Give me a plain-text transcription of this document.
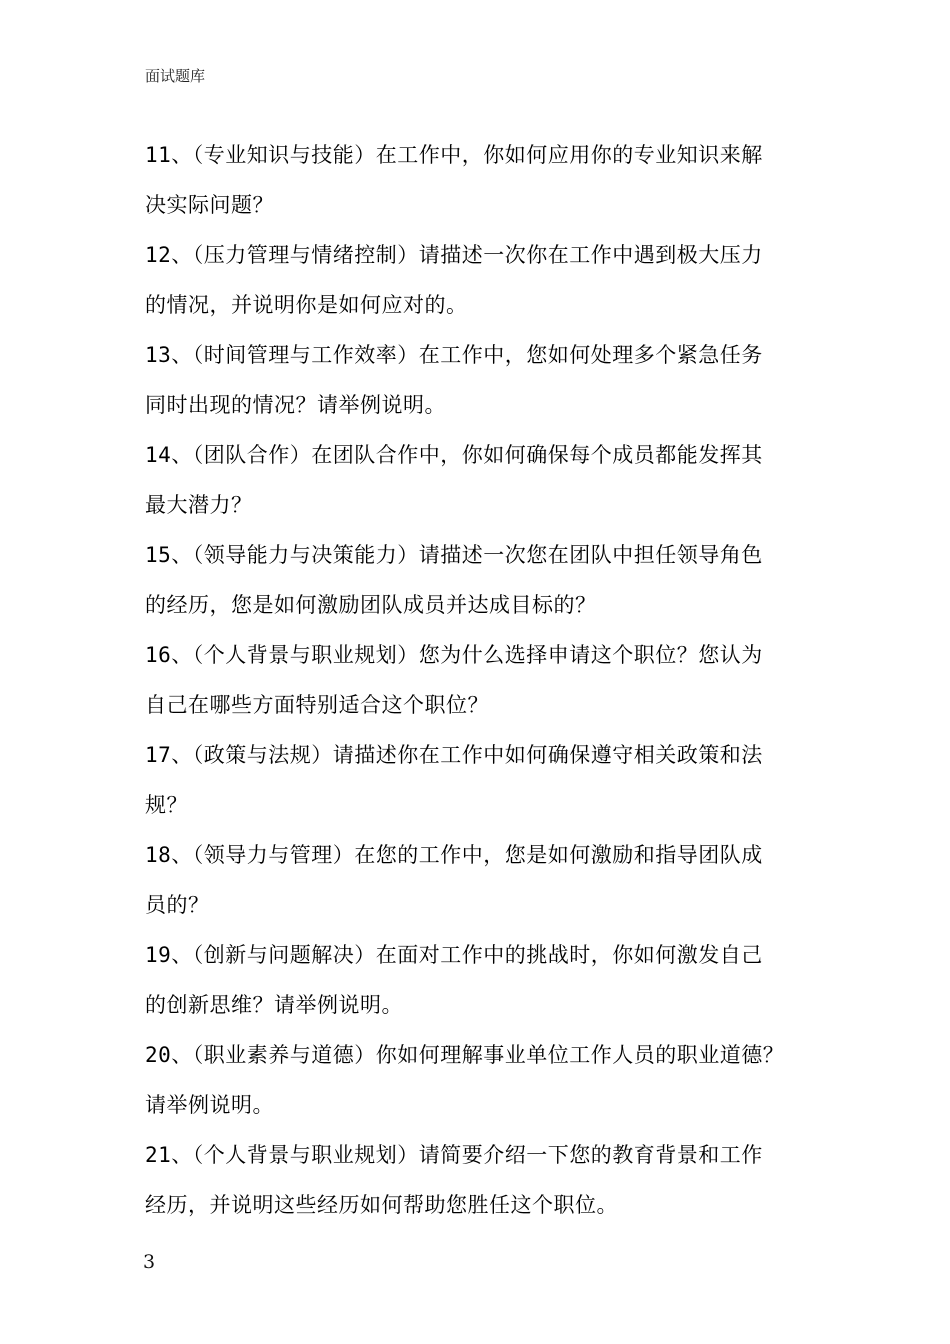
面试题库
11、（专业知识与技能）在工作中，你如何应用你的专业知识来解
决实际问题？
12、（压力管理与情绪控制）请描述一次你在工作中遇到极大压力
的情况，并说明你是如何应对的。
13、（时间管理与工作效率）在工作中，您如何处理多个紧急任务
同时出现的情况？请举例说明。
14、（团队合作）在团队合作中，你如何确保每个成员都能发挥其
最大潜力？
15、（领导能力与决策能力）请描述一次您在团队中担任领导角色
的经历，您是如何激励团队成员并达成目标的？
16、（个人背景与职业规划）您为什么选择申请这个职位？您认为
自己在哪些方面特别适合这个职位？
17、（政策与法规）请描述你在工作中如何确保遵守相关政策和法
规？
18、（领导力与管理）在您的工作中，您是如何激励和指导团队成
员的？
19、（创新与问题解决）在面对工作中的挑战时，你如何激发自己
的创新思维？请举例说明。
20、（职业素养与道德）你如何理解事业单位工作人员的职业道德？
请举例说明。
21、（个人背景与职业规划）请简要介绍一下您的教育背景和工作
经历，并说明这些经历如何帮助您胜任这个职位。
3
